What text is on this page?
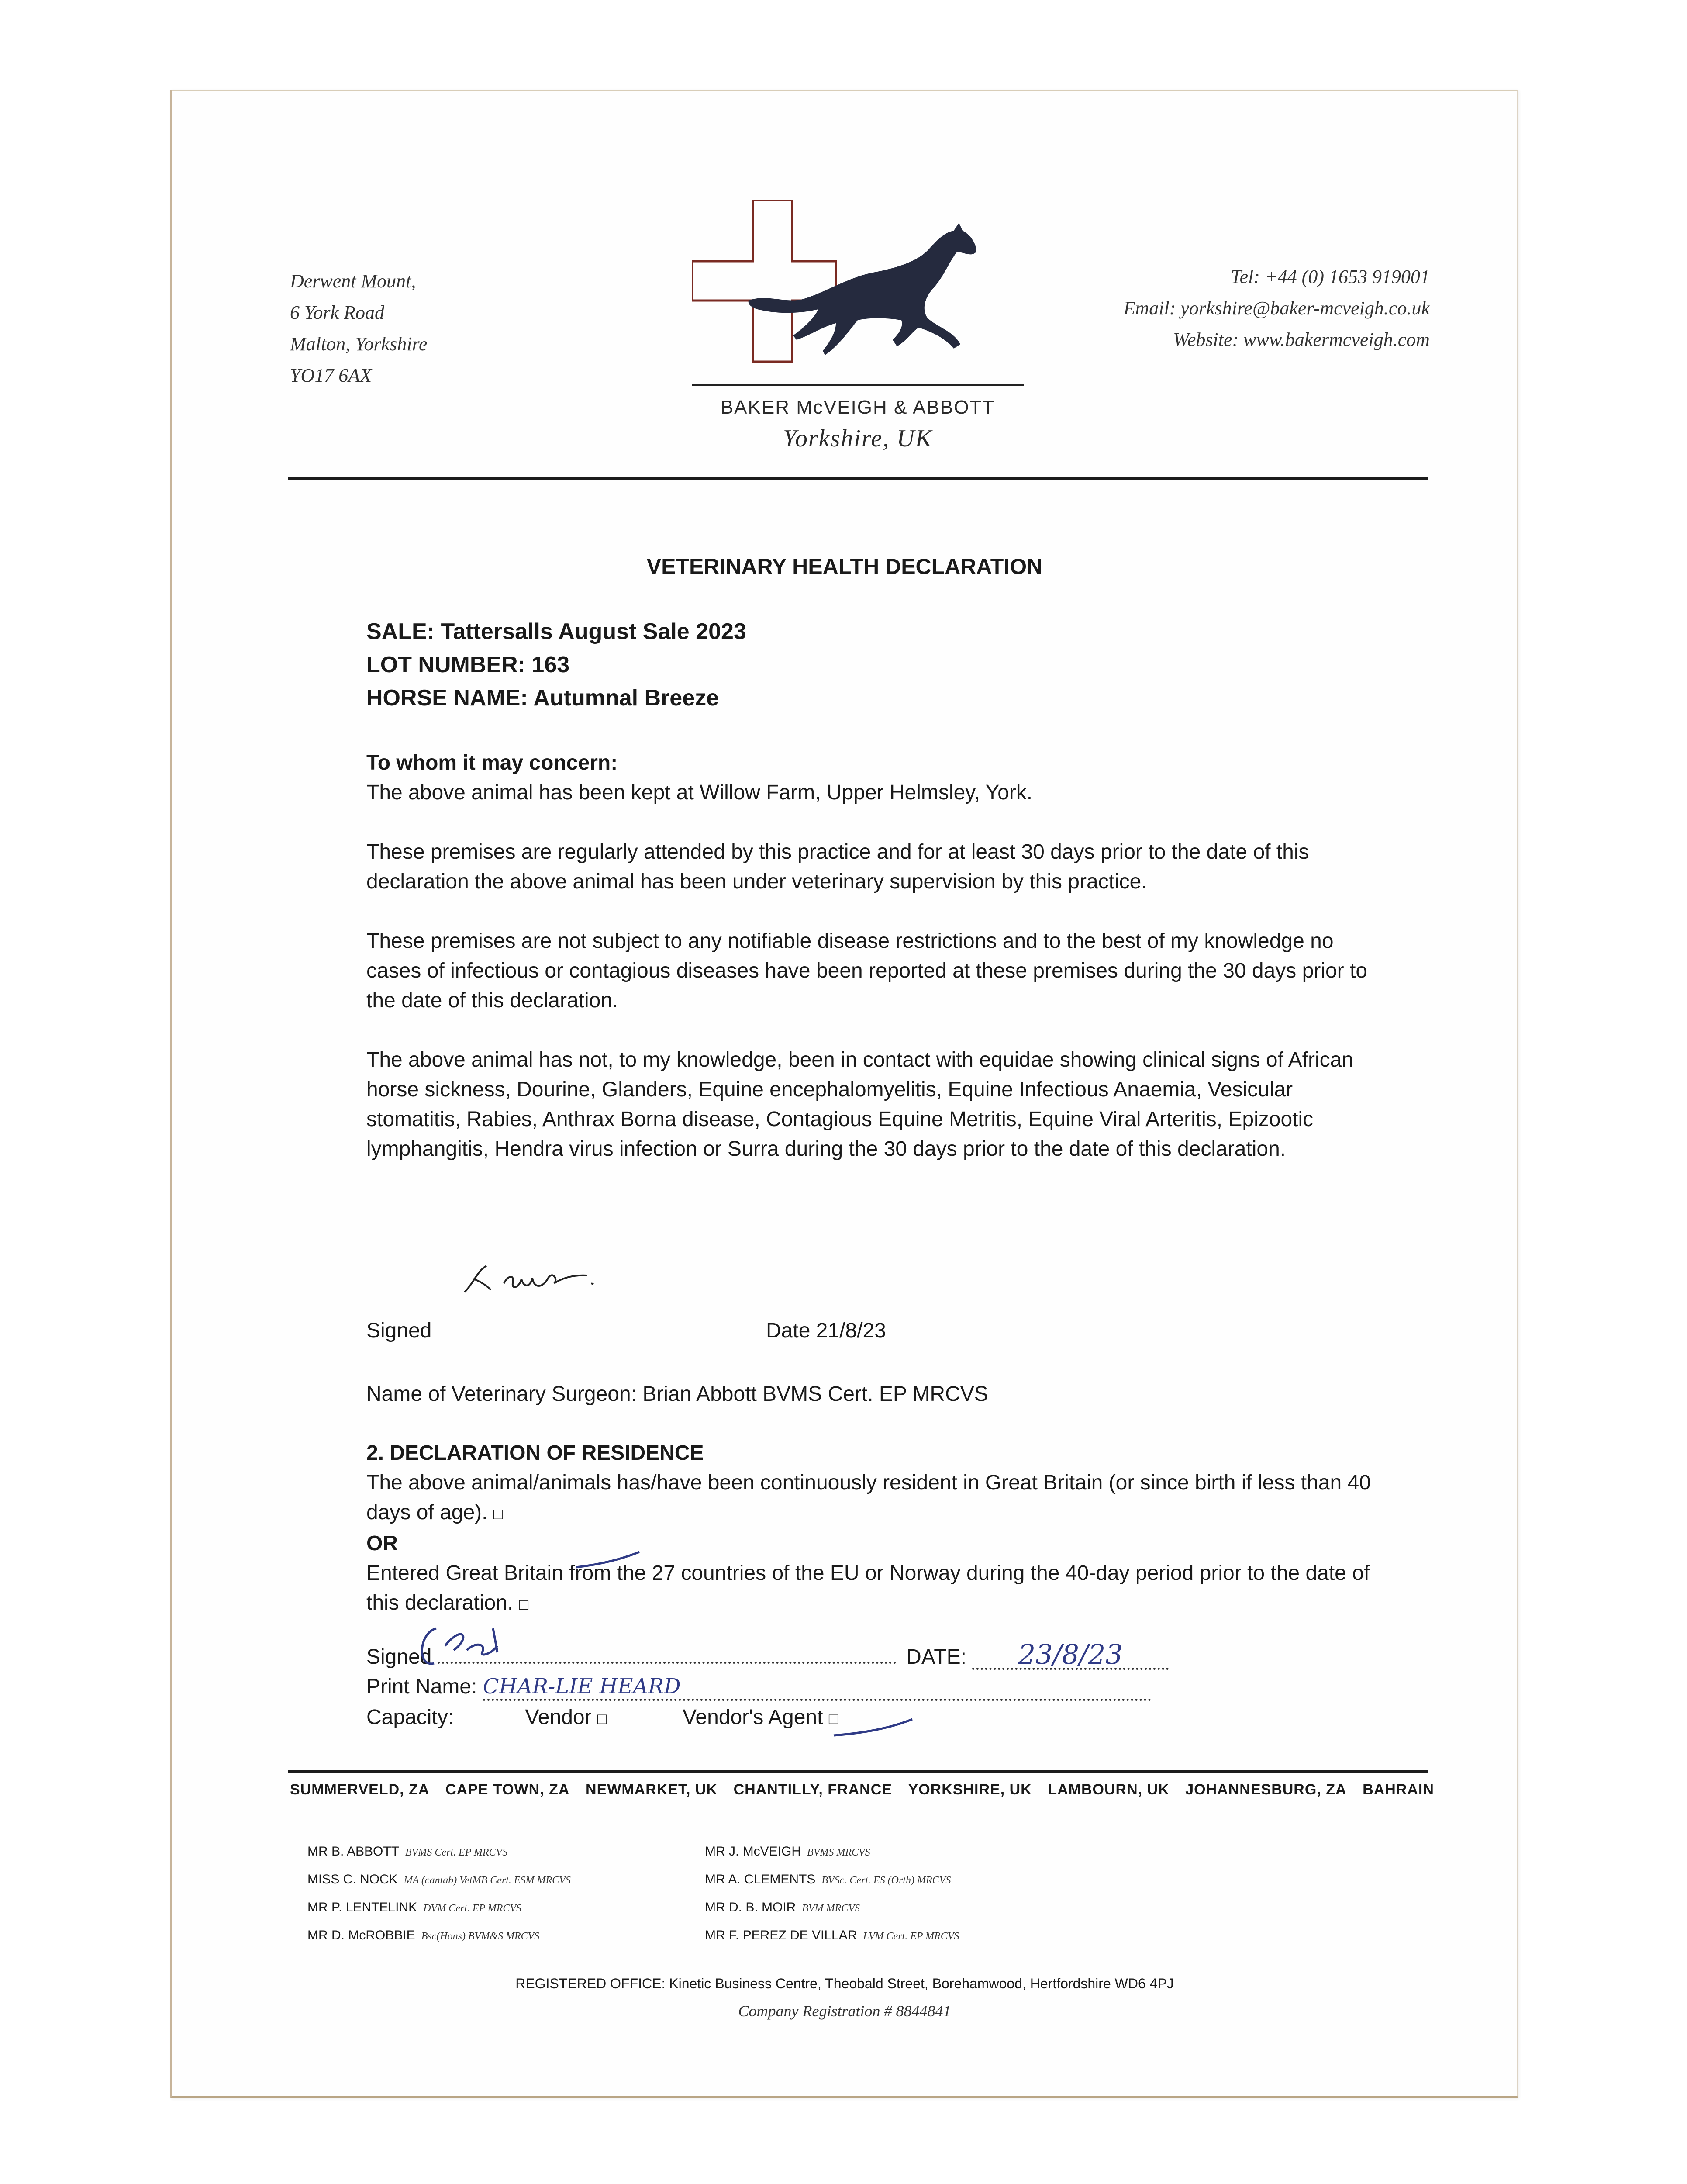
Derwent Mount,
6 York Road
Malton, Yorkshire
YO17 6AX
Tel: +44 (0) 1653 919001
Email: yorkshire@baker-mcveigh.co.uk
Website: www.bakermcveigh.com
BAKER McVEIGH & ABBOTT
Yorkshire, UK
VETERINARY HEALTH DECLARATION
SALE: Tattersalls August Sale 2023
LOT NUMBER: 163
HORSE NAME: Autumnal Breeze

To whom it may concern:

The above animal has been kept at Willow Farm, Upper Helmsley, York.

These premises are regularly attended by this practice and for at least 30 days prior to the date of this declaration the above animal has been under veterinary supervision by this practice.

These premises are not subject to any notifiable disease restrictions and to the best of my knowledge no cases of infectious or contagious diseases have been reported at these premises during the 30 days prior to the date of this declaration.

The above animal has not, to my knowledge, been in contact with equidae showing clinical signs of African horse sickness, Dourine, Glanders, Equine encephalomyelitis, Equine Infectious Anaemia, Vesicular stomatitis, Rabies, Anthrax Borna disease, Contagious Equine Metritis, Equine Viral Arteritis, Epizootic lymphangitis, Hendra virus infection or Surra during the 30 days prior to the date of this declaration.

Signed	Date 21/8/23
Name of Veterinary Surgeon: Brian Abbott BVMS Cert. EP MRCVS

2. DECLARATION OF RESIDENCE

The above animal/animals has/have been continuously resident in Great Britain (or since birth if less than 40 days of age). □

OR

Entered Great Britain from the 27 countries of the EU or Norway during the 40-day period prior to the date of this declaration. □

Signed	DATE: 23/8/23
Print Name: CHAR-LIE HEARD
Capacity:	Vendor □	Vendor's Agent □
SUMMERVELD, ZA CAPE TOWN, ZA NEWMARKET, UK CHANTILLY, FRANCE YORKSHIRE, UK LAMBOURN, UK JOHANNESBURG, ZA BAHRAIN
MR B. ABBOTT BVMS Cert. EP MRCVS
MISS C. NOCK MA (cantab) VetMB Cert. ESM MRCVS
MR P. LENTELINK DVM Cert. EP MRCVS
MR D. McROBBIE Bsc(Hons) BVM&S MRCVS
MR J. McVEIGH BVMS MRCVS
MR A. CLEMENTS BVSc. Cert. ES (Orth) MRCVS
MR D. B. MOIR BVM MRCVS
MR F. PEREZ DE VILLAR LVM Cert. EP MRCVS
REGISTERED OFFICE: Kinetic Business Centre, Theobald Street, Borehamwood, Hertfordshire WD6 4PJ
Company Registration # 8844841
